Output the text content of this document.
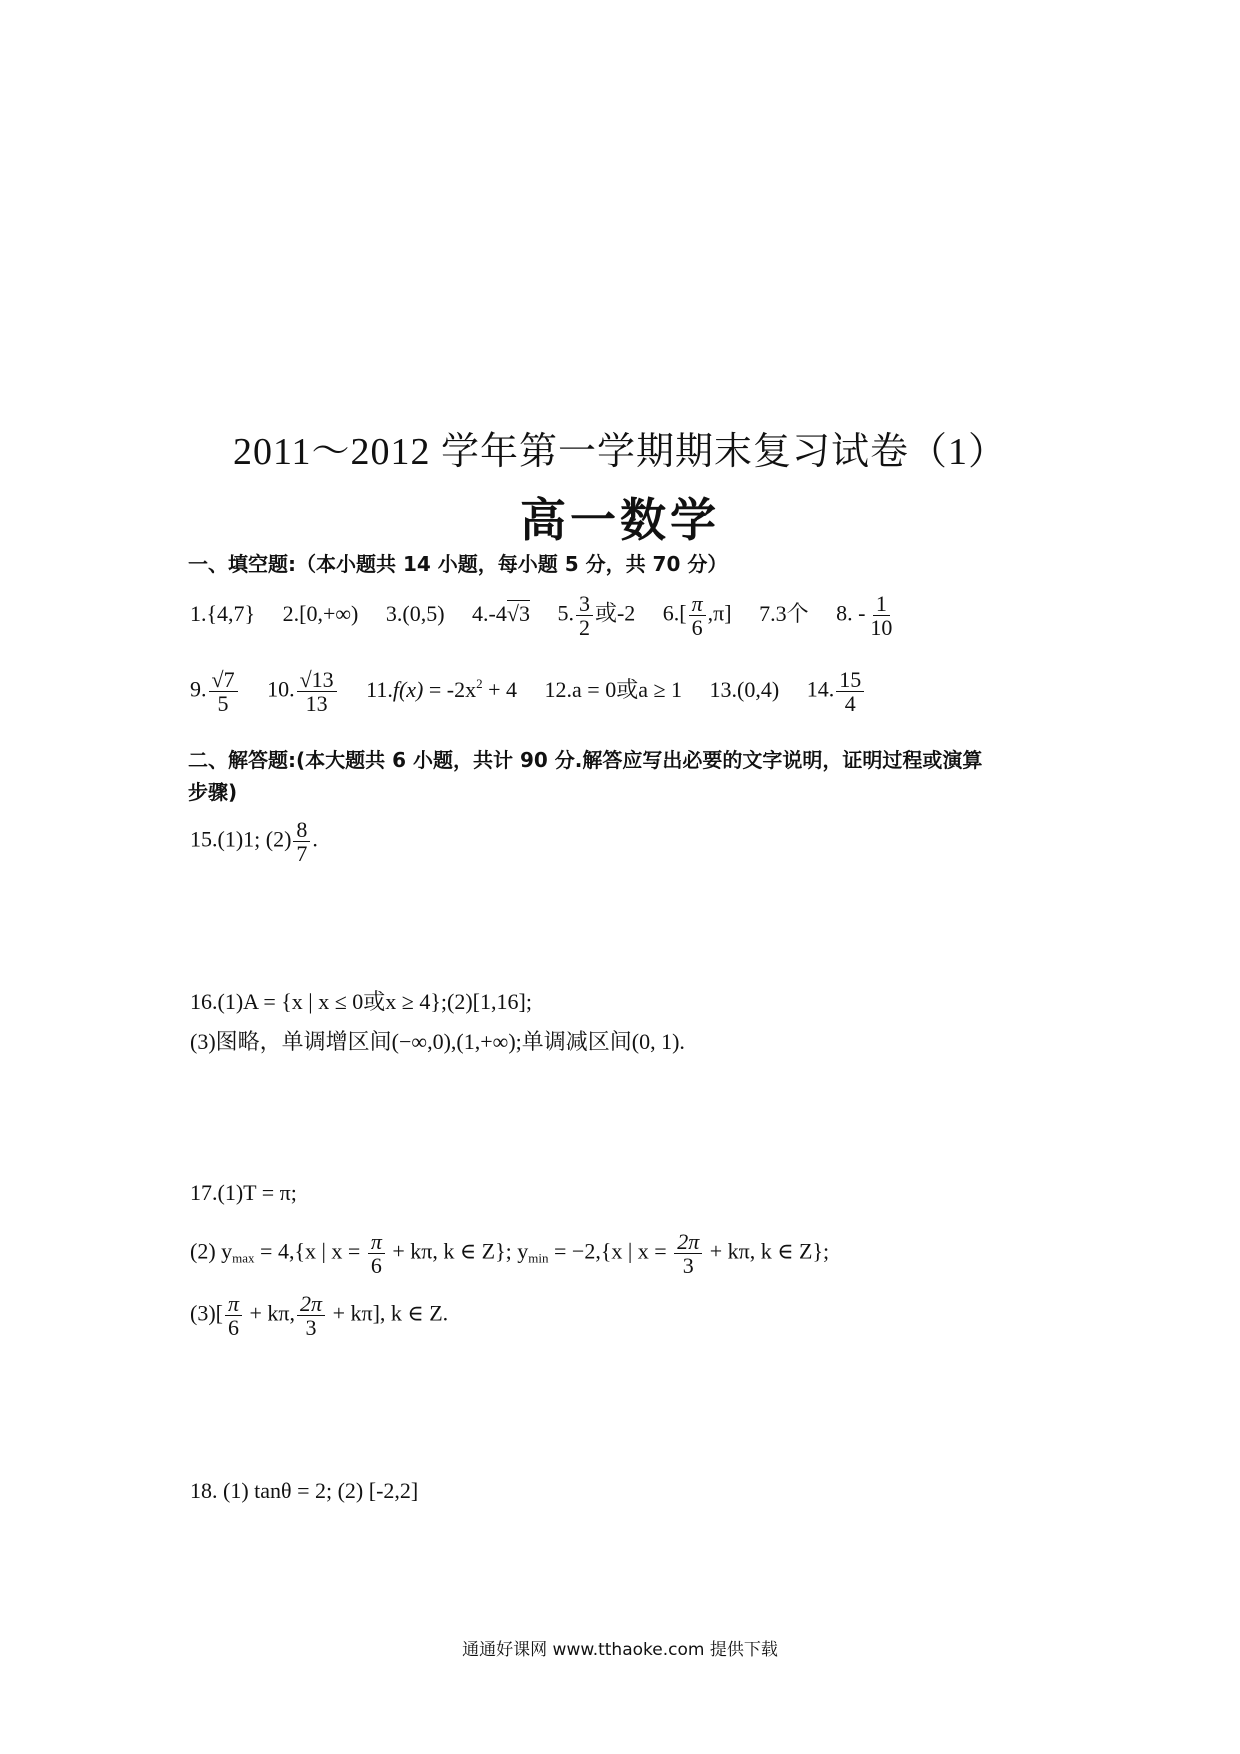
2011～2012 学年第一学期期末复习试卷（1）
高一数学
一、填空题:（本小题共 14 小题，每小题 5 分，共 70 分）
1.{4,7} 2.[0,+∞) 3.(0,5) 4.-4√3 5. $\frac{3}{2}$ 或-2 $6.[ \frac{\pi}{6} ,\pi]$ 7.3个 8. - $\frac{1}{10}$
9. $\frac{√7}{5} 10$. $\frac{√13}{13} 11.f(x) = -2x^2 + 4$ 12.a = 0或a ≥ 1 13.(0,4) 14. $\frac{15}{4}$
二、解答题:(本大题共 6 小题，共计 90 分.解答应写出必要的文字说明，证明过程或演算
步骤)
15.(1)1; $(2) \frac{8}{7}$ .
16.(1)A = {x | x ≤ 0或x ≥ 4};(2)[1,16];
(3)图略，单调增区间(−∞,0),(1,+∞);单调减区间(0, 1).
17.(1)T = π;
(2) $y_{max} = 4,\{x$ | $x = \frac{\pi}{6} + k\pi$, k ∈ Z}; $y_{min} = -2,\{x$ | $x = \frac{2\pi}{3} + k\pi$, k ∈ Z};
$(3)[ \frac{\pi}{6} + k\pi$, $\frac{2\pi}{3} + k\pi$], k ∈ Z.
18. (1) tanθ = 2; (2) [-2,2]
通通好课网 www.tthaoke.com 提供下载
